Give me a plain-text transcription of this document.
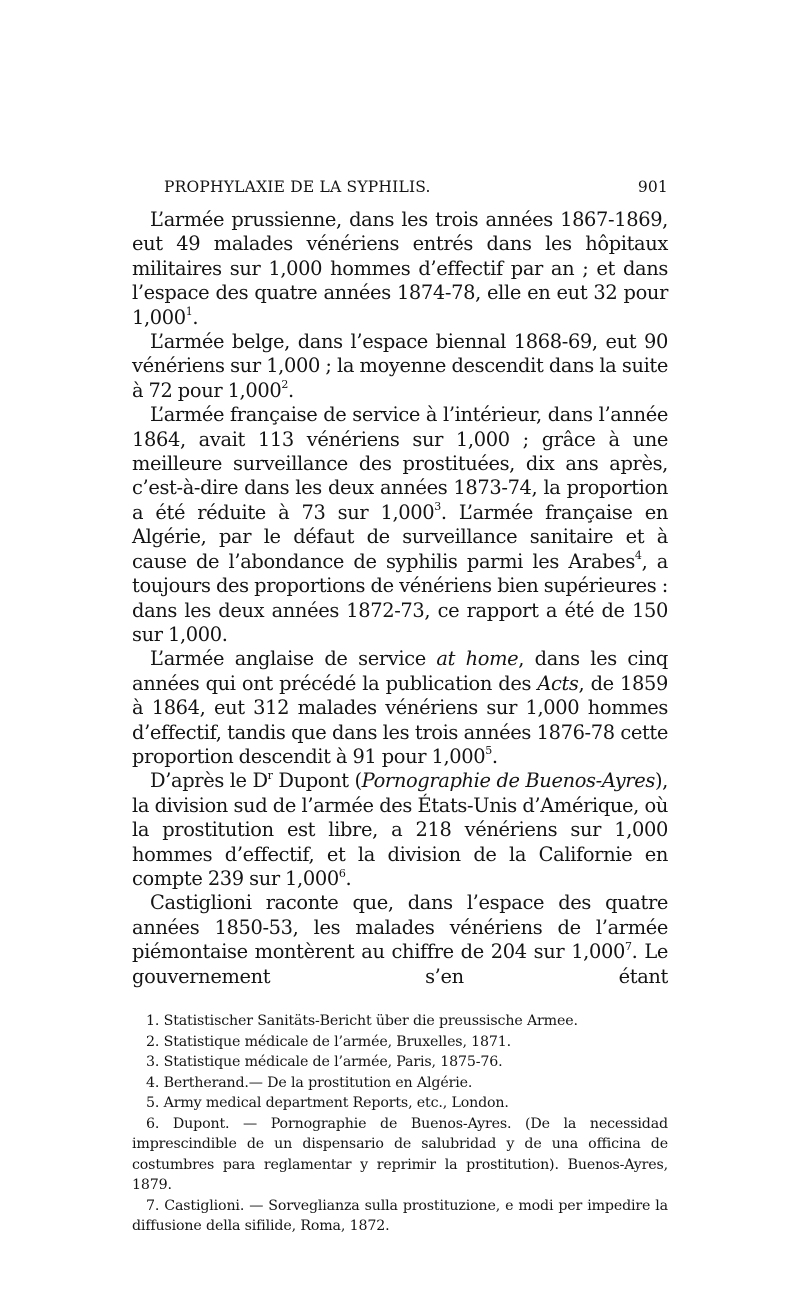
PROPHYLAXIE DE LA SYPHILIS.	901

L’armée prussienne, dans les trois années 1867-1869, eut 49 malades vénériens entrés dans les hôpitaux militaires sur 1,000 hommes d’effectif par an ; et dans l’espace des quatre années 1874-78, elle en eut 32 pour 1,000$^1$.

L’armée belge, dans l’espace biennal 1868-69, eut 90 vénériens sur 1,000 ; la moyenne descendit dans la suite à 72 pour 1,000$^2$.

L’armée française de service à l’intérieur, dans l’année 1864, avait 113 vénériens sur 1,000 ; grâce à une meilleure surveillance des prostituées, dix ans après, c’est-à-dire dans les deux années 1873-74, la proportion a été réduite à 73 sur 1,000$^3$. L’armée française en Algérie, par le défaut de surveillance sanitaire et à cause de l’abondance de syphilis parmi les Arabes$^4$, a toujours des proportions de vénériens bien supérieures : dans les deux années 1872-73, ce rapport a été de 150 sur 1,000.

L’armée anglaise de service at home, dans les cinq années qui ont précédé la publication des Acts, de 1859 à 1864, eut 312 malades vénériens sur 1,000 hommes d’effectif, tandis que dans les trois années 1876-78 cette proportion descendit à 91 pour 1,000$^5$.

D’après le $D^r$ Dupont (Pornographie de Buenos-Ayres), la division sud de l’armée des États-Unis d’Amérique, où la prostitution est libre, a 218 vénériens sur 1,000 hommes d’effectif, et la division de la Californie en compte 239 sur 1,000$^6$.

Castiglioni raconte que, dans l’espace des quatre années 1850-53, les malades vénériens de l’armée piémontaise montèrent au chiffre de 204 sur 1,000$^7$. Le gouvernement s’en étant

1. Statistischer Sanitäts-Bericht über die preussische Armee.

2. Statistique médicale de l’armée, Bruxelles, 1871.

3. Statistique médicale de l’armée, Paris, 1875-76.

4. Bertherand.— De la prostitution en Algérie.

5. Army medical department Reports, etc., London.

6. Dupont. — Pornographie de Buenos-Ayres. (De la necessidad imprescindible de un dispensario de salubridad y de una officina de costumbres para reglamentar y reprimir la prostitution). Buenos-Ayres, 1879.

7. Castiglioni. — Sorveglianza sulla prostituzione, e modi per impedire la diffusione della sifilide, Roma, 1872.
